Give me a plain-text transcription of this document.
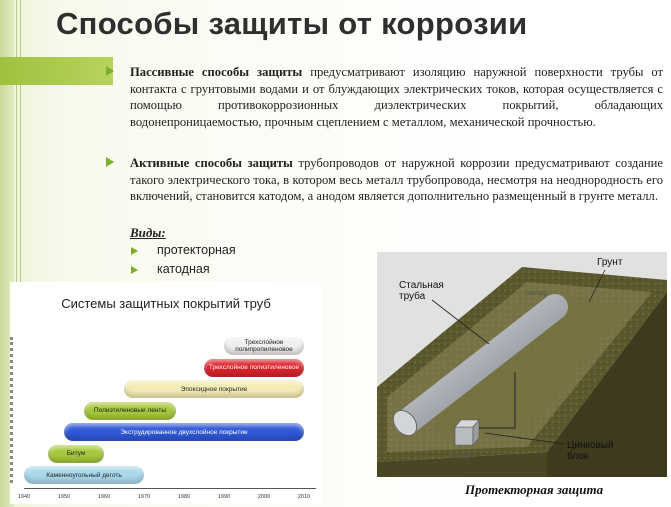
Способы защиты от коррозии
Пассивные способы защиты предусматривают изоляцию наружной поверхности трубы от контакта с грунтовыми водами и от блуждающих электрических токов, которая осуществляется с помощью противокоррозионных диэлектрических покрытий, обладающих водонепроницаемостью, прочным сцеплением с металлом, механической прочностью.
Активные способы защиты трубопроводов от наружной коррозии предусматривают создание такого электрического тока, в котором весь металл трубопровода, несмотря на неоднородность его включений, становится катодом, а анодом является дополнительно размещенный в грунте металл.
Виды:
протекторная
катодная
Системы защитных покрытий труб
Трехслойное полипропиленовое
Трехслойное полиэтиленовое
Эпоксидное покрытие
Полиэтиленовые ленты
Экструдированное двухслойное покрытие
Битум
Каменноугольный деготь
1940	1950	1960	1970	1980	1990	2000	2010
Стальная труба
Грунт
Цинковый блок
(катод)
(анод)
Протекторная защита
